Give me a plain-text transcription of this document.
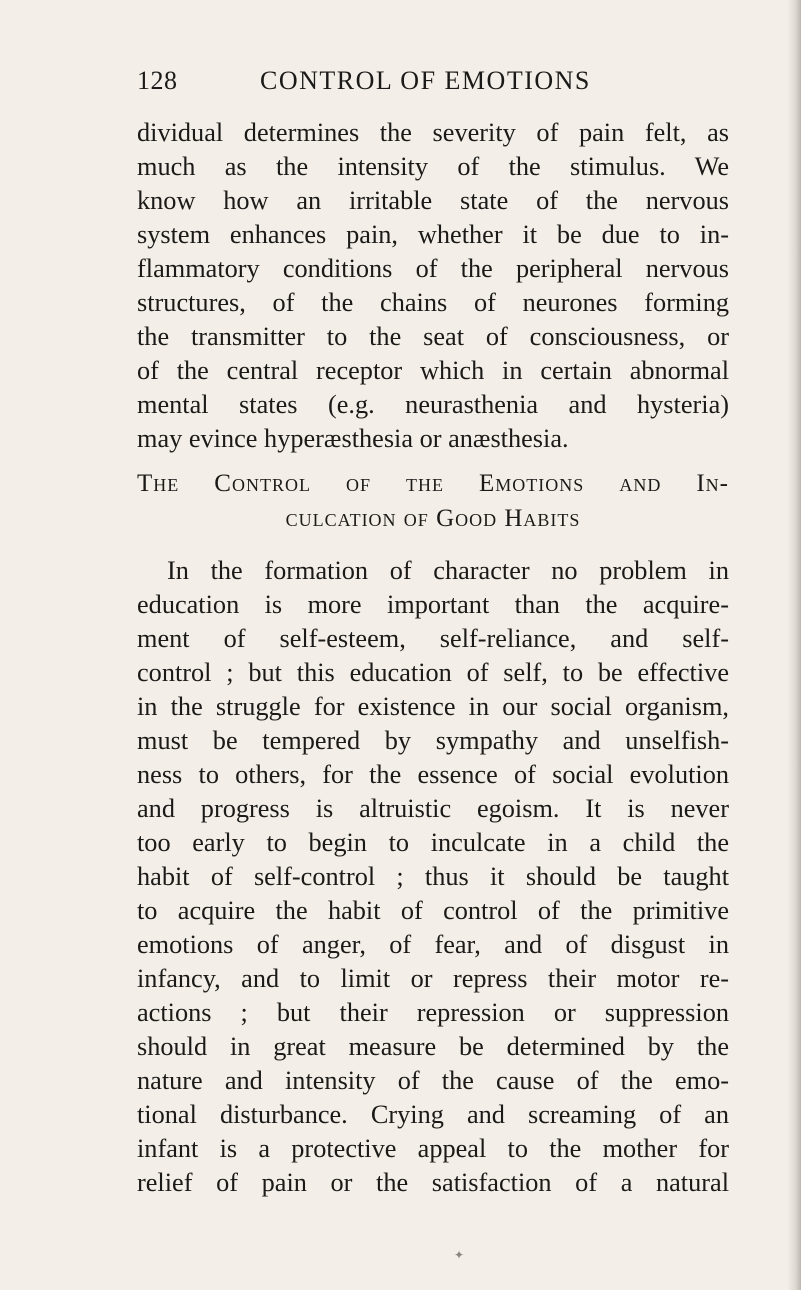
128	CONTROL OF EMOTIONS
dividual determines the severity of pain felt, as
much as the intensity of the stimulus. We
know how an irritable state of the nervous
system enhances pain, whether it be due to in-
flammatory conditions of the peripheral nervous
structures, of the chains of neurones forming
the transmitter to the seat of consciousness, or
of the central receptor which in certain abnormal
mental states (e.g. neurasthenia and hysteria)
may evince hyperæsthesia or anæsthesia.
The Control of the Emotions and In-
culcation of Good Habits
In the formation of character no problem in
education is more important than the acquire-
ment of self-esteem, self-reliance, and self-
control ; but this education of self, to be effective
in the struggle for existence in our social organism,
must be tempered by sympathy and unselfish-
ness to others, for the essence of social evolution
and progress is altruistic egoism. It is never
too early to begin to inculcate in a child the
habit of self-control ; thus it should be taught
to acquire the habit of control of the primitive
emotions of anger, of fear, and of disgust in
infancy, and to limit or repress their motor re-
actions ; but their repression or suppression
should in great measure be determined by the
nature and intensity of the cause of the emo-
tional disturbance. Crying and screaming of an
infant is a protective appeal to the mother for
relief of pain or the satisfaction of a natural
✦
